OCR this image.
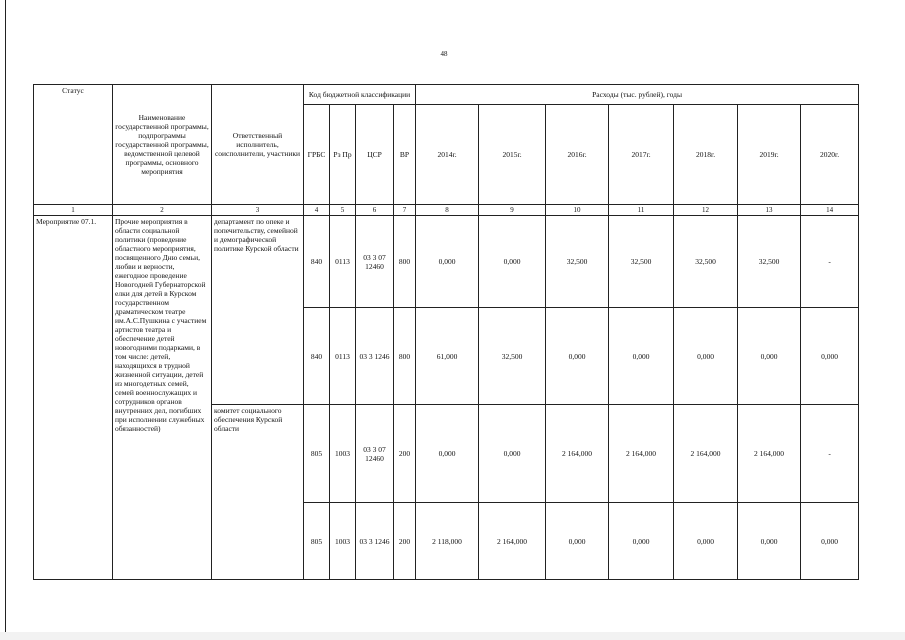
48
Статус	Наименование государственной программы, подпрограммы государственной программы, ведомственной целевой программы, основного мероприятия	Ответственный исполнитель, соисполнители, участники	Код бюджетной классификации				Расходы (тыс. рублей), годы						
			ГРБС	Рз Пр	ЦСР	ВР	2014г.	2015г.	2016г.	2017г.	2018г.	2019г.	2020г.
1	2	3	4	5	6	7	8	9	10	11	12	13	14
Мероприятие 07.1.	Прочие мероприятия в области социальной политики (проведение областного мероприятия, посвященного Дню семьи, любви и верности, ежегодное проведение Новогодней Губернаторской елки для детей в Курском государственном драматическом театре им.А.С.Пушкина с участием артистов театра и обеспечение детей новогодними подарками, в том числе: детей, находящихся в трудной жизненной ситуации, детей из многодетных семей, семей военнослужащих и сотрудников органов внутренних дел, погибших при исполнении служебных обязанностей)	департамент по опеке и попечительству, семейной и демографической политике Курской области	840	0113	03 3 07 12460	800	0,000	0,000	32,500	32,500	32,500	32,500	-
			840	0113	03 3 1246	800	61,000	32,500	0,000	0,000	0,000	0,000	0,000
		комитет социального обеспечения Курской области	805	1003	03 3 07 12460	200	0,000	0,000	2 164,000	2 164,000	2 164,000	2 164,000	-
			805	1003	03 3 1246	200	2 118,000	2 164,000	0,000	0,000	0,000	0,000	0,000
